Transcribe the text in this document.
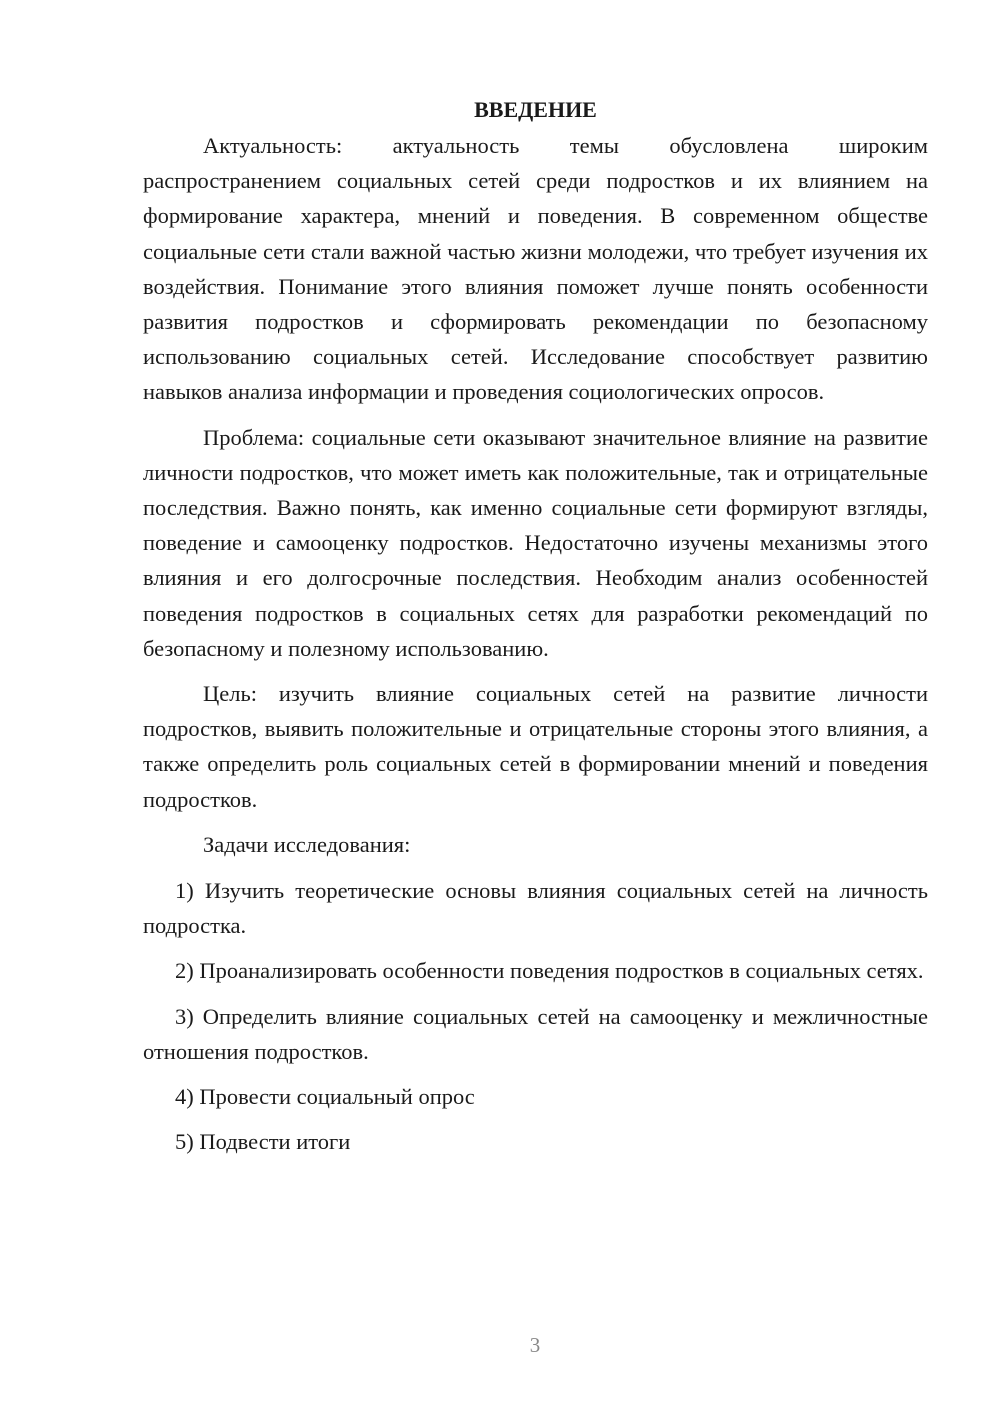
ВВЕДЕНИЕ

Актуальность: актуальность темы обусловлена широким распространением социальных сетей среди подростков и их влиянием на формирование характера, мнений и поведения. В современном обществе социальные сети стали важной частью жизни молодежи, что требует изучения их воздействия. Понимание этого влияния поможет лучше понять особенности развития подростков и сформировать рекомендации по безопасному использованию социальных сетей. Исследование способствует развитию навыков анализа информации и проведения социологических опросов.

Проблема: социальные сети оказывают значительное влияние на развитие личности подростков, что может иметь как положительные, так и отрицательные последствия. Важно понять, как именно социальные сети формируют взгляды, поведение и самооценку подростков. Недостаточно изучены механизмы этого влияния и его долгосрочные последствия. Необходим анализ особенностей поведения подростков в социальных сетях для разработки рекомендаций по безопасному и полезному использованию.

Цель: изучить влияние социальных сетей на развитие личности подростков, выявить положительные и отрицательные стороны этого влияния, а также определить роль социальных сетей в формировании мнений и поведения подростков.

Задачи исследования:

1) Изучить теоретические основы влияния социальных сетей на личность подростка.

2) Проанализировать особенности поведения подростков в социальных сетях.

3) Определить влияние социальных сетей на самооценку и межличностные отношения подростков.

4) Провести социальный опрос

5) Подвести итоги

3
